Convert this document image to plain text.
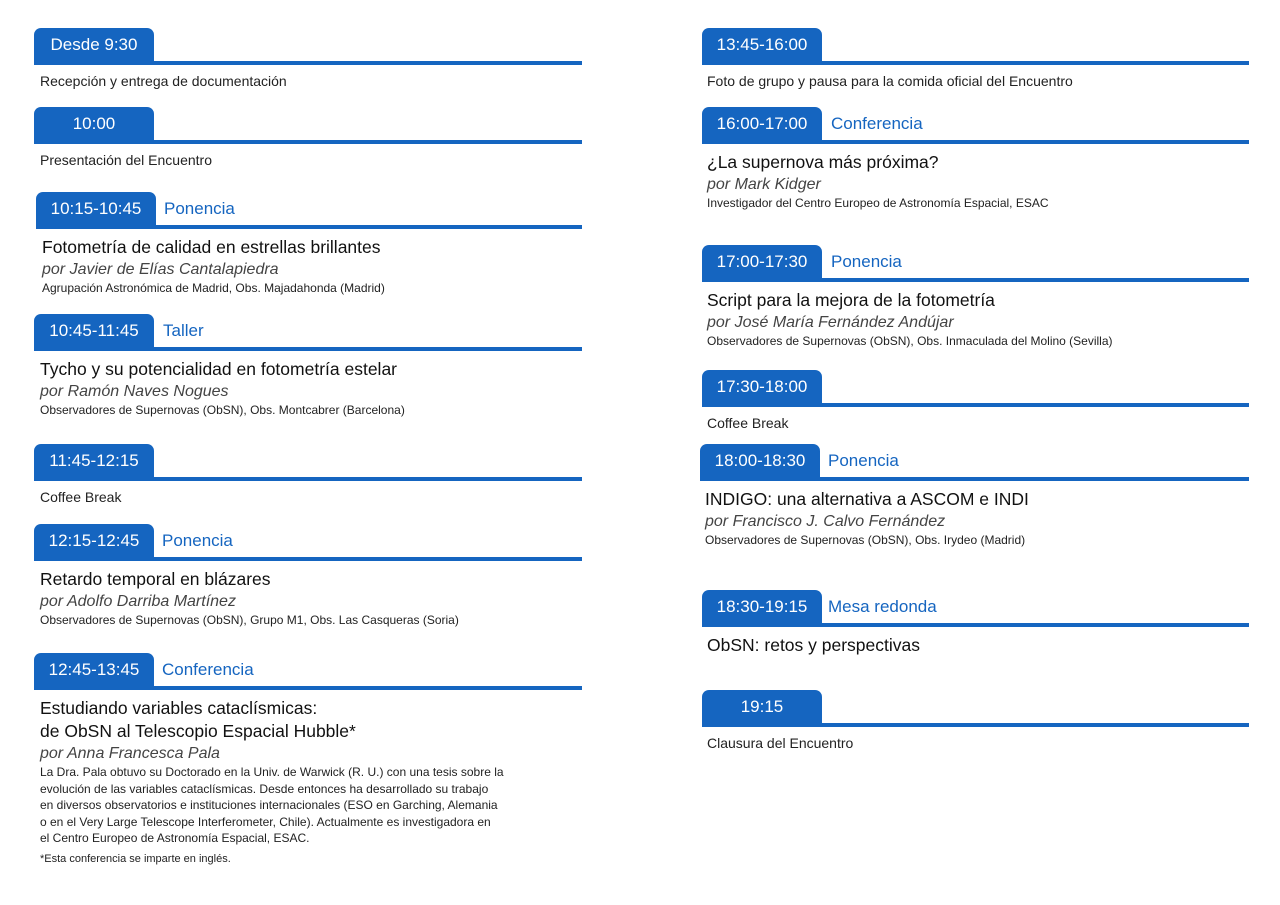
Desde 9:30
Recepción y entrega de documentación
10:00
Presentación del Encuentro
10:15-10:45	Ponencia
Fotometría de calidad en estrellas brillantes
por Javier de Elías Cantalapiedra
Agrupación Astronómica de Madrid, Obs. Majadahonda (Madrid)
10:45-11:45	Taller
Tycho y su potencialidad en fotometría estelar
por Ramón Naves Nogues
Observadores de Supernovas (ObSN), Obs. Montcabrer (Barcelona)
11:45-12:15
Coffee Break
12:15-12:45	Ponencia
Retardo temporal en blázares
por Adolfo Darriba Martínez
Observadores de Supernovas (ObSN), Grupo M1, Obs. Las Casqueras (Soria)
12:45-13:45	Conferencia
Estudiando variables cataclísmicas:
de ObSN al Telescopio Espacial Hubble*
por Anna Francesca Pala
La Dra. Pala obtuvo su Doctorado en la Univ. de Warwick (R. U.) con una tesis sobre la
evolución de las variables cataclísmicas. Desde entonces ha desarrollado su trabajo
en diversos observatorios e instituciones internacionales (ESO en Garching, Alemania
o en el Very Large Telescope Interferometer, Chile). Actualmente es investigadora en
el Centro Europeo de Astronomía Espacial, ESAC.
*Esta conferencia se imparte en inglés.
13:45-16:00
Foto de grupo y pausa para la comida oficial del Encuentro
16:00-17:00	Conferencia
¿La supernova más próxima?
por Mark Kidger
Investigador del Centro Europeo de Astronomía Espacial, ESAC
17:00-17:30	Ponencia
Script para la mejora de la fotometría
por José María Fernández Andújar
Observadores de Supernovas (ObSN), Obs. Inmaculada del Molino (Sevilla)
17:30-18:00
Coffee Break
18:00-18:30	Ponencia
INDIGO: una alternativa a ASCOM e INDI
por Francisco J. Calvo Fernández
Observadores de Supernovas (ObSN), Obs. Irydeo (Madrid)
18:30-19:15	Mesa redonda
ObSN: retos y perspectivas
19:15
Clausura del Encuentro
